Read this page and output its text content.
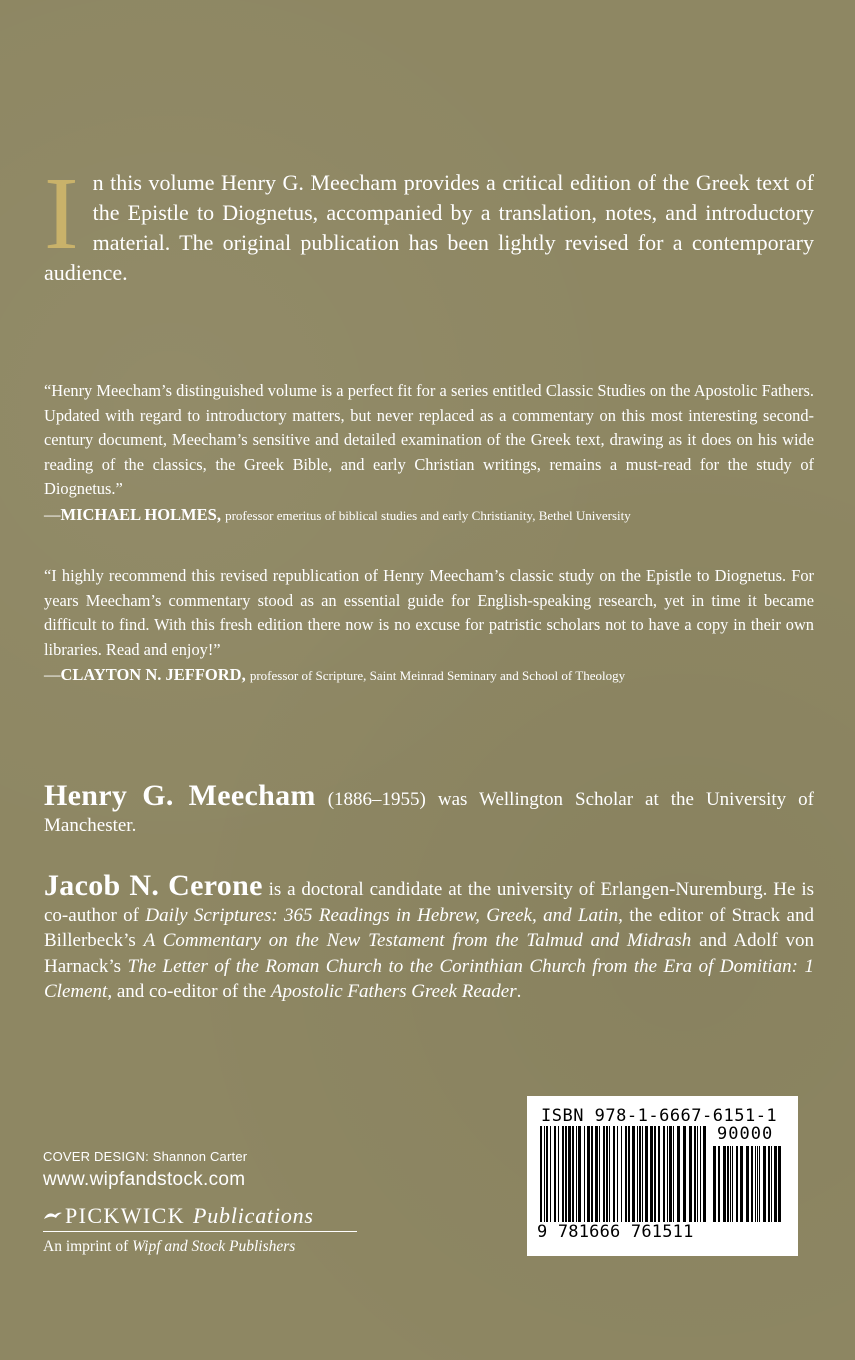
In this volume Henry G. Meecham provides a critical edition of the Greek text of the Epistle to Diognetus, accompanied by a translation, notes, and introductory material. The original publication has been lightly revised for a contemporary audience.
“Henry Meecham’s distinguished volume is a perfect fit for a series entitled Classic Studies on the Apostolic Fathers. Updated with regard to introductory matters, but never replaced as a commentary on this most interesting second-century document, Meecham’s sensitive and detailed examination of the Greek text, drawing as it does on his wide reading of the classics, the Greek Bible, and early Christian writings, remains a must-read for the study of Diognetus.”
—MICHAEL HOLMES, professor emeritus of biblical studies and early Christianity, Bethel University
“I highly recommend this revised republication of Henry Meecham’s classic study on the Epistle to Diognetus. For years Meecham’s commentary stood as an essential guide for English-speaking research, yet in time it became difficult to find. With this fresh edition there now is no excuse for patristic scholars not to have a copy in their own libraries. Read and enjoy!”
—CLAYTON N. JEFFORD, professor of Scripture, Saint Meinrad Seminary and School of Theology
Henry G. Meecham (1886–1955) was Wellington Scholar at the University of Manchester.
Jacob N. Cerone is a doctoral candidate at the university of Erlangen-Nuremburg. He is co-author of Daily Scriptures: 365 Readings in Hebrew, Greek, and Latin, the editor of Strack and Billerbeck’s A Commentary on the New Testament from the Talmud and Midrash and Adolf von Harnack’s The Letter of the Roman Church to the Corinthian Church from the Era of Domitian: 1 Clement, and co-editor of the Apostolic Fathers Greek Reader.
COVER DESIGN: Shannon Carter
www.wipfandstock.com
PICKWICK Publications
An imprint of Wipf and Stock Publishers
ISBN 978-1-6667-6151-1
90000
9 781666 761511
